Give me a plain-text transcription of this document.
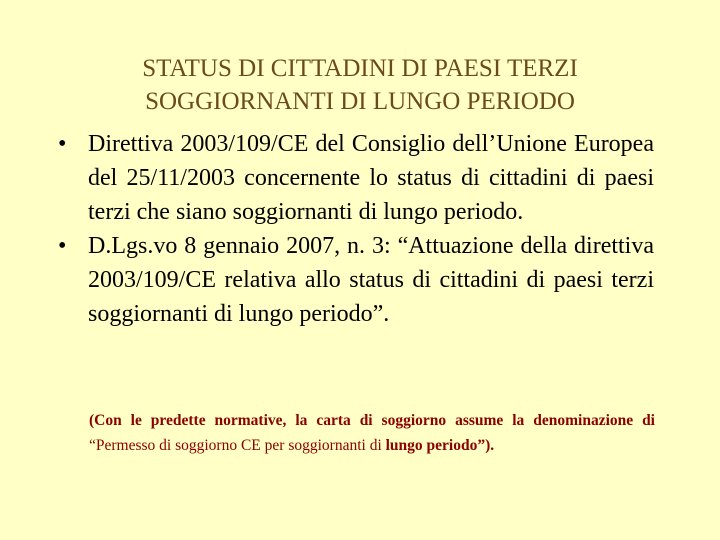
STATUS DI CITTADINI DI PAESI TERZI
SOGGIORNANTI DI LUNGO PERIODO
• Direttiva 2003/109/CE del Consiglio dell’Unione Europea del 25/11/2003 concernente lo status di cittadini di paesi terzi che siano soggiornanti di lungo periodo.
• D.Lgs.vo 8 gennaio 2007, n. 3: “Attuazione della direttiva 2003/109/CE relativa allo status di cittadini di paesi terzi soggiornanti di lungo periodo”.
(Con le predette normative, la carta di soggiorno assume la denominazione di “Permesso di soggiorno CE per soggiornanti di lungo periodo”).
